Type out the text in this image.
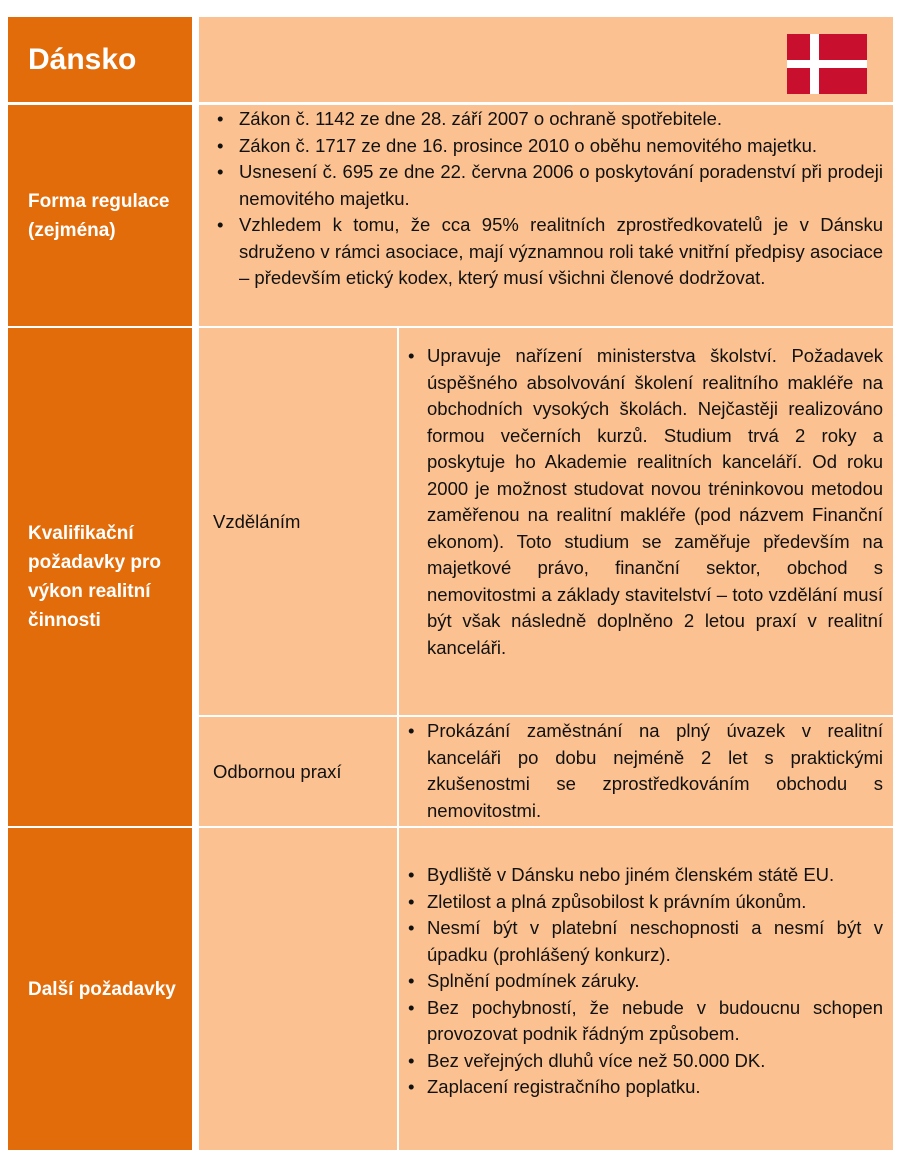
Dánsko
Forma regulace (zejména)
• Zákon č. 1142 ze dne 28. září 2007 o ochraně spotřebitele.
• Zákon č. 1717 ze dne 16. prosince 2010 o oběhu nemovitého majetku.
• Usnesení č. 695 ze dne 22. června 2006 o poskytování poradenství při prodeji nemovitého majetku.
• Vzhledem k tomu, že cca 95% realitních zprostředkovatelů je v Dánsku sdruženo v rámci asociace, mají významnou roli také vnitřní předpisy asociace – především etický kodex, který musí všichni členové dodržovat.
Kvalifikační požadavky pro výkon realitní činnosti
Vzděláním
• Upravuje nařízení ministerstva školství. Požadavek úspěšného absolvování školení realitního makléře na obchodních vysokých školách. Nejčastěji realizováno formou večerních kurzů. Studium trvá 2 roky a poskytuje ho Akademie realitních kanceláří. Od roku 2000 je možnost studovat novou tréninkovou metodou zaměřenou na realitní makléře (pod názvem Finanční ekonom). Toto studium se zaměřuje především na majetkové právo, finanční sektor, obchod s nemovitostmi a základy stavitelství – toto vzdělání musí být však následně doplněno 2 letou praxí v realitní kanceláři.
Odbornou praxí
• Prokázání zaměstnání na plný úvazek v realitní kanceláři po dobu nejméně 2 let s praktickými zkušenostmi se zprostředkováním obchodu s nemovitostmi.
Další požadavky
• Bydliště v Dánsku nebo jiném členském státě EU.
• Zletilost a plná způsobilost k právním úkonům.
• Nesmí být v platební neschopnosti a nesmí být v úpadku (prohlášený konkurz).
• Splnění podmínek záruky.
• Bez pochybností, že nebude v budoucnu schopen provozovat podnik řádným způsobem.
• Bez veřejných dluhů více než 50.000 DK.
• Zaplacení registračního poplatku.
